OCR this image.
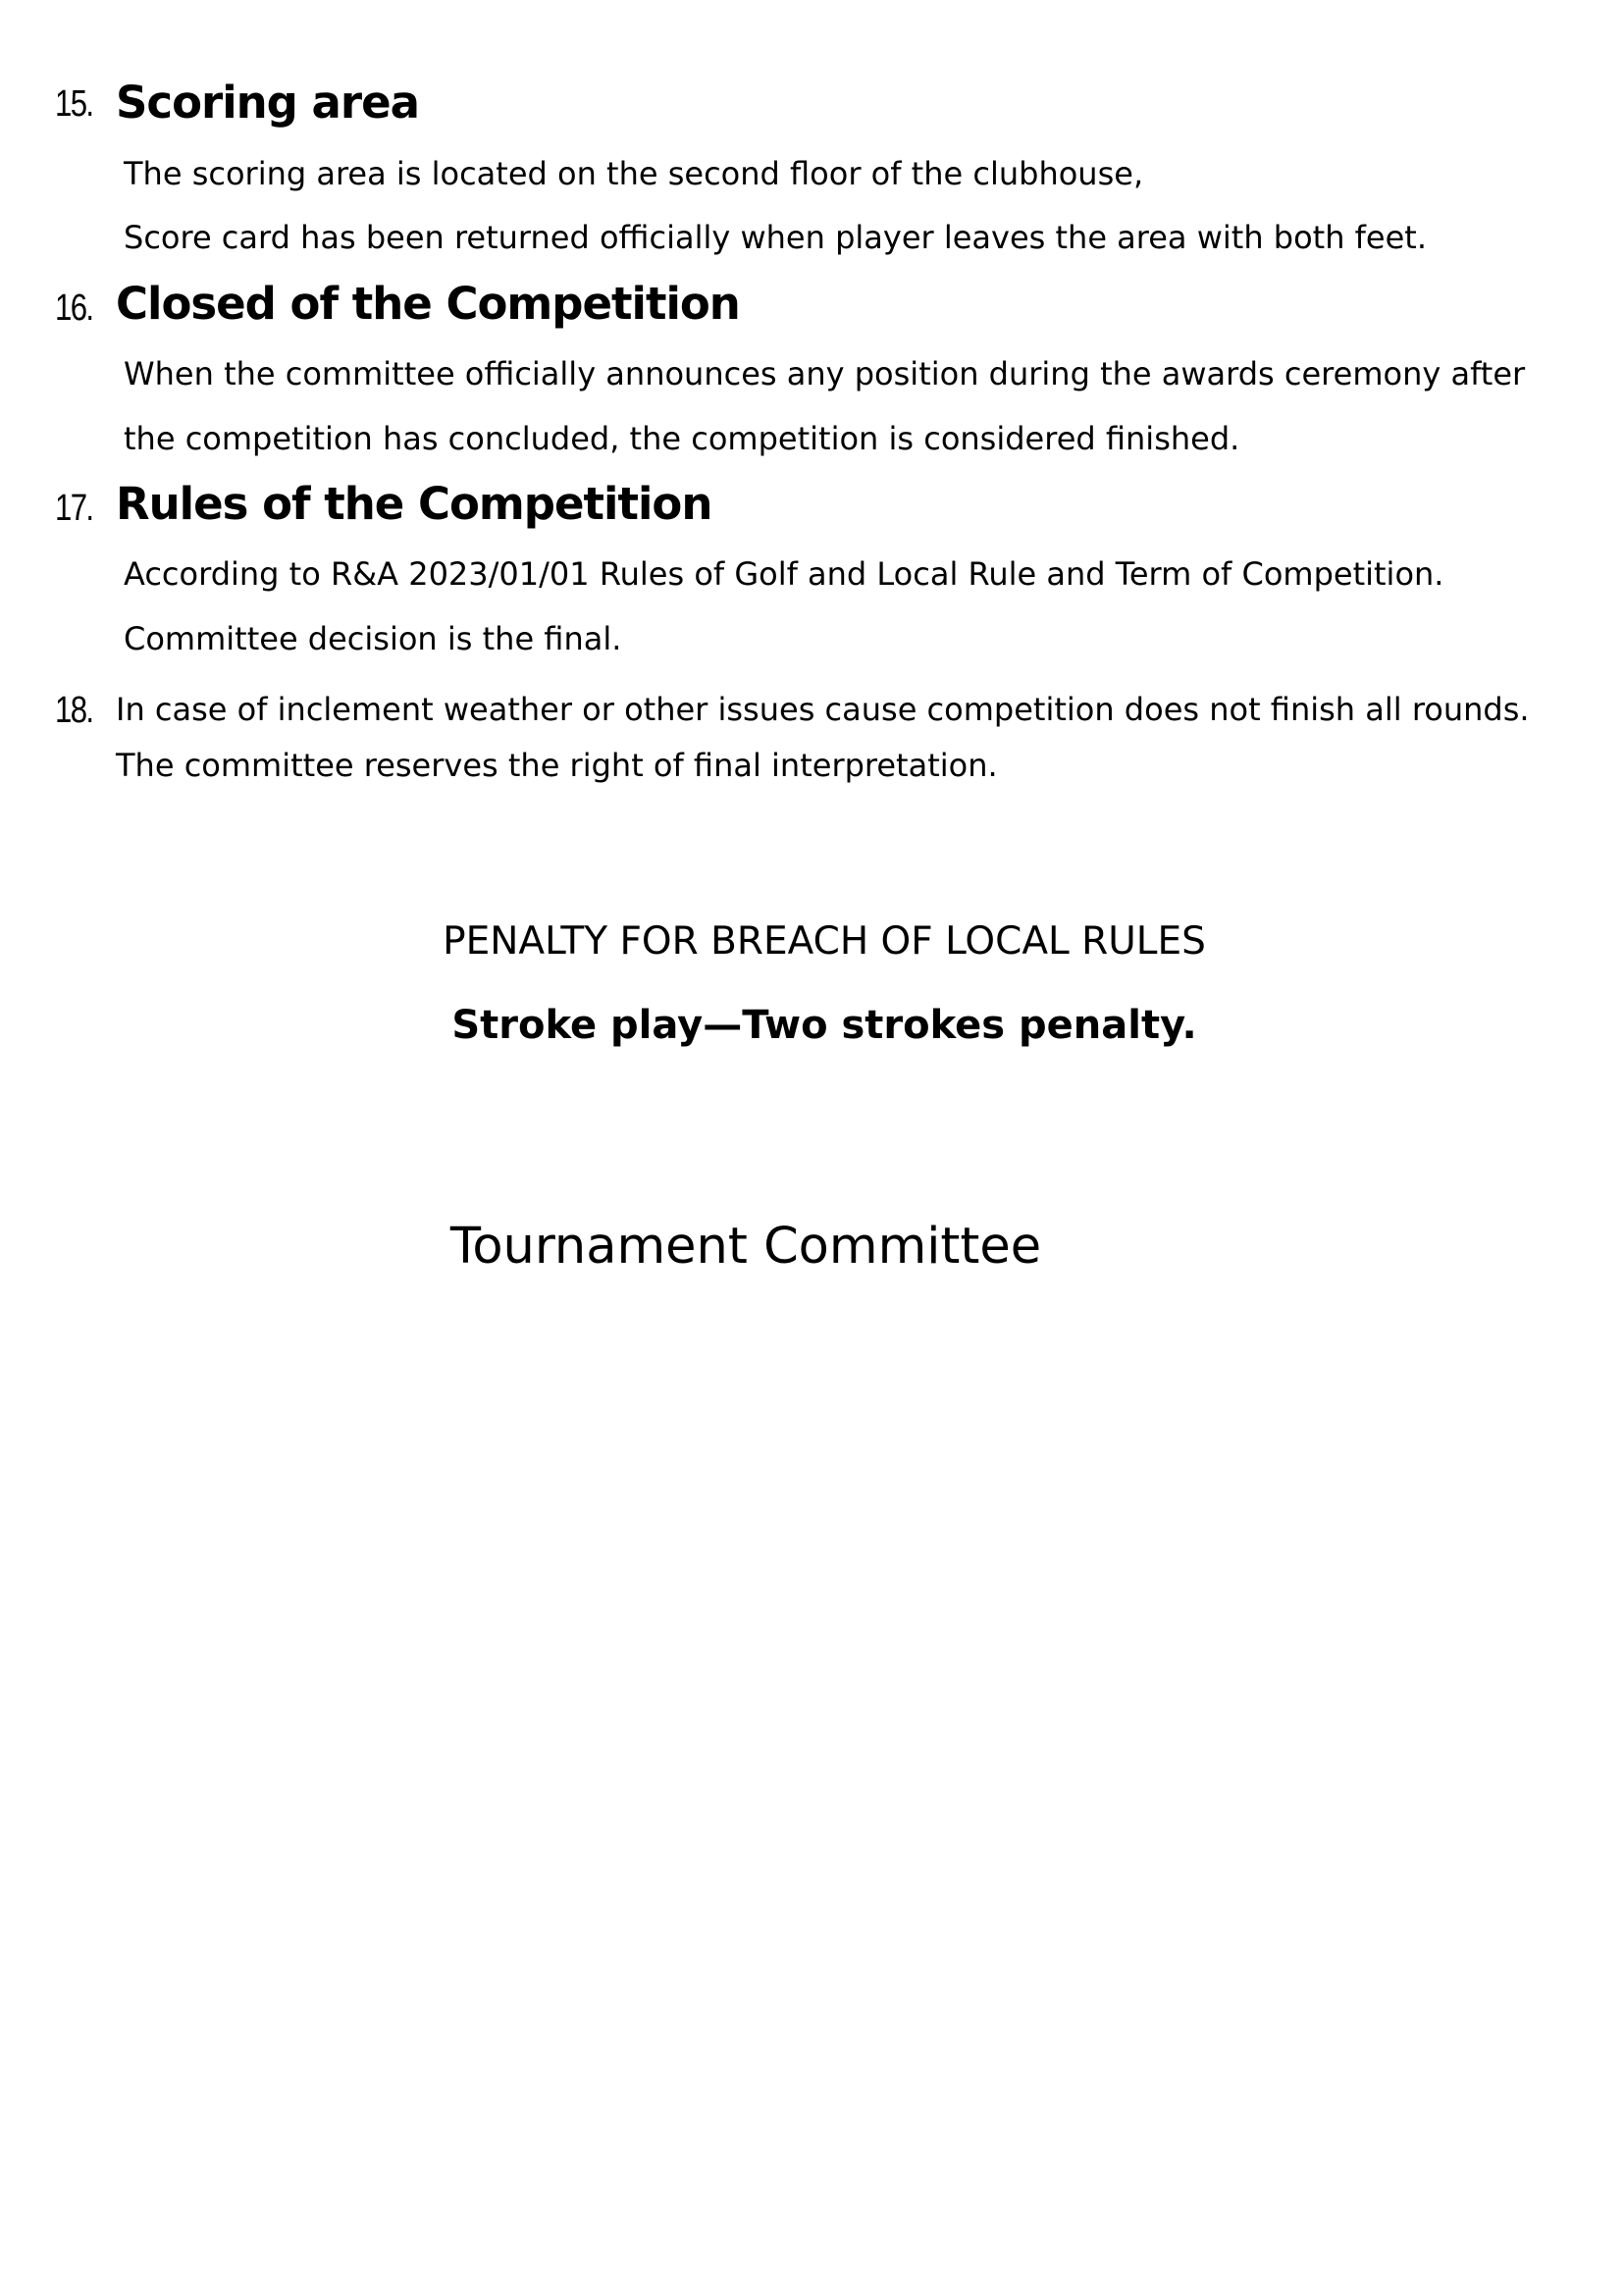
15. Scoring area
The scoring area is located on the second floor of the clubhouse,
Score card has been returned officially when player leaves the area with both feet.
16. Closed of the Competition
When the committee officially announces any position during the awards ceremony after
the competition has concluded, the competition is considered finished.
17. Rules of the Competition
According to R&A 2023/01/01 Rules of Golf and Local Rule and Term of Competition.
Committee decision is the final.
18. In case of inclement weather or other issues cause competition does not finish all rounds.
The committee reserves the right of final interpretation.
PENALTY FOR BREACH OF LOCAL RULES
Stroke play—Two strokes penalty.
Tournament Committee
